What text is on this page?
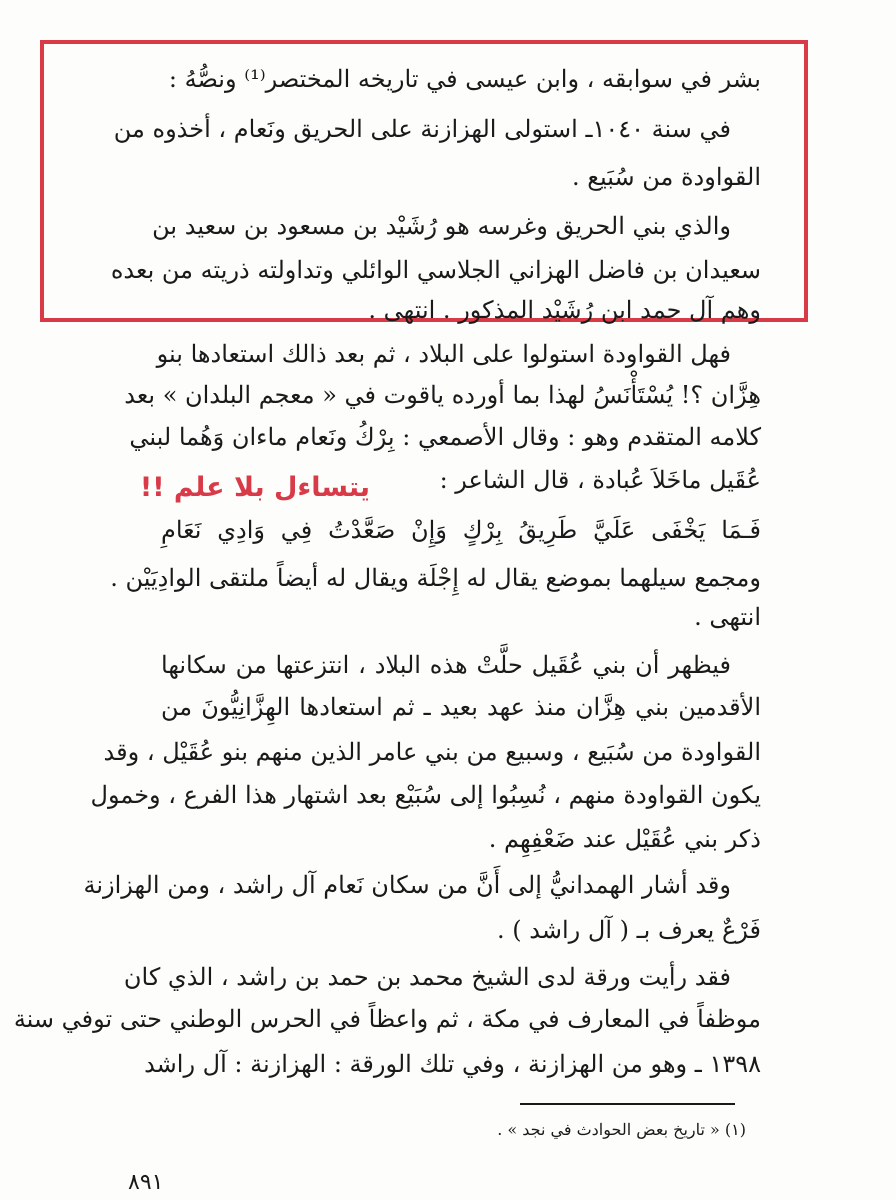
بشر في سوابقه ، وابن عيسى في تاريخه المختصر⁽¹⁾ ونصُّهُ :
في سنة ١٠٤٠ـ استولى الهزازنة على الحريق ونَعام ، أخذوه من
القواودة من سُبَيع .
والذي بني الحريق وغرسه هو رُشَيْد بن مسعود بن سعيد بن
سعيدان بن فاضل الهزاني الجلاسي الوائلي وتداولته ذريته من بعده
وهم آل حمد ابن رُشَيْد المذكور . انتهى .
فهل القواودة استولوا على البلاد ، ثم بعد ذالك استعادها بنو
هِزَّان ؟! يُسْتَأْنَسُ لهذا بما أورده ياقوت في « معجم البلدان » بعد
كلامه المتقدم وهو : وقال الأصمعي : بِرْكُ ونَعام ماءان وَهُما لبني
عُقَيل ماخَلاَ عُبادة ، قال الشاعر :
يتساءل بلا علم !!
فَـمَا يَخْفَى عَلَيَّ طَرِيقُ بِرْكٍ وَإِنْ صَعَّدْتُ فِي وَادِي نَعَامِ
ومجمع سيلهما بموضع يقال له إِجْلَة ويقال له أيضاً ملتقى الوادِيَيْن .
انتهى .
فيظهر أن بني عُقَيل حلَّتْ هذه البلاد ، انتزعتها من سكانها
الأقدمين بني هِزَّان منذ عهد بعيد ـ ثم استعادها الهِزَّانِيُّونَ من
القواودة من سُبَيع ، وسبيع من بني عامر الذين منهم بنو عُقَيْل ، وقد
يكون القواودة منهم ، نُسِبُوا إلى سُبَيْع بعد اشتهار هذا الفرع ، وخمول
ذكر بني عُقَيْل عند ضَعْفِهِم .
وقد أشار الهمدانيُّ إلى أَنَّ من سكان نَعام آل راشد ، ومن الهزازنة
فَرْعٌ يعرف بـ ( آل راشد ) .
فقد رأيت ورقة لدى الشيخ محمد بن حمد بن راشد ، الذي كان
موظفاً في المعارف في مكة ، ثم واعظاً في الحرس الوطني حتى توفي سنة
١٣٩٨ ـ وهو من الهزازنة ، وفي تلك الورقة : الهزازنة : آل راشد
(١) « تاريخ بعض الحوادث في نجد » .
٨٩١
